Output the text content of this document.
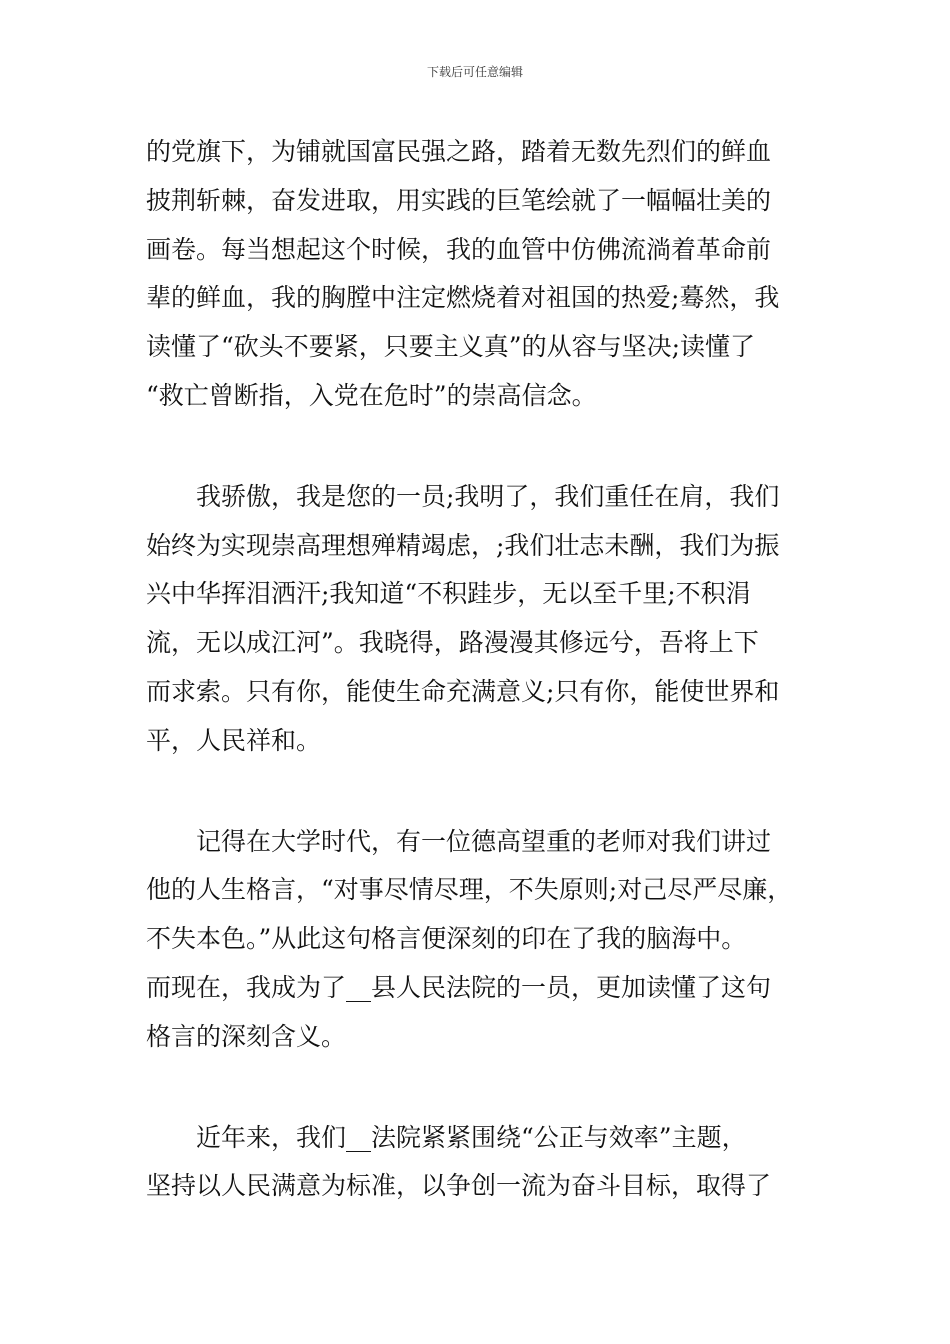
下载后可任意编辑

的党旗下，为铺就国富民强之路，踏着无数先烈们的鲜血
披荆斩棘，奋发进取，用实践的巨笔绘就了一幅幅壮美的
画卷。每当想起这个时候，我的血管中仿佛流淌着革命前
辈的鲜血，我的胸膛中注定燃烧着对祖国的热爱;蓦然，我
读懂了“砍头不要紧，只要主义真”的从容与坚决;读懂了
“救亡曾断指，入党在危时”的崇高信念。

　　我骄傲，我是您的一员;我明了，我们重任在肩，我们
始终为实现崇高理想殚精竭虑，;我们壮志未酬，我们为振
兴中华挥泪洒汗;我知道“不积跬步，无以至千里;不积涓
流，无以成江河”。我晓得，路漫漫其修远兮，吾将上下
而求索。只有你，能使生命充满意义;只有你，能使世界和
平，人民祥和。

　　记得在大学时代，有一位德高望重的老师对我们讲过
他的人生格言，“对事尽情尽理，不失原则;对己尽严尽廉，
不失本色。”从此这句格言便深刻的印在了我的脑海中。
而现在，我成为了__县人民法院的一员，更加读懂了这句
格言的深刻含义。

　　近年来，我们__法院紧紧围绕“公正与效率”主题，
坚持以人民满意为标准，以争创一流为奋斗目标，取得了
